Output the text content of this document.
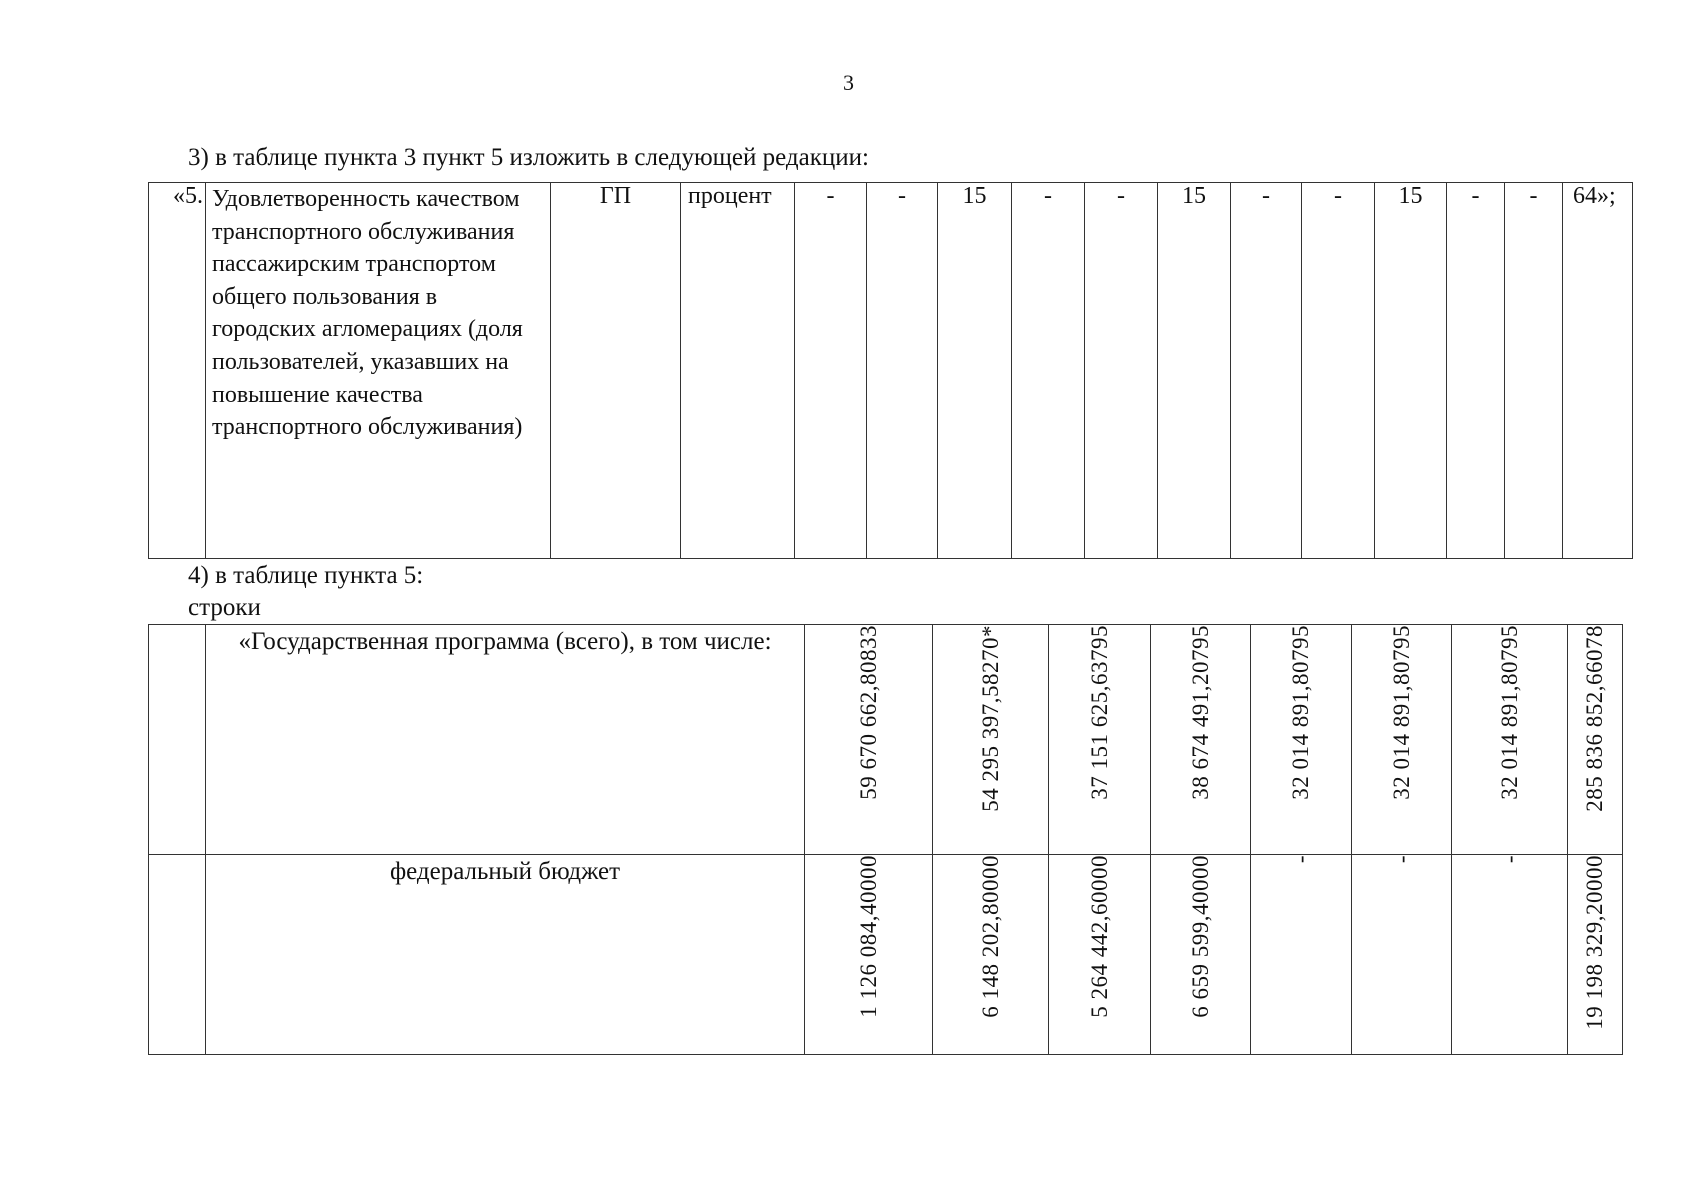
3
3) в таблице пункта 3 пункт 5 изложить в следующей редакции:
«5.	Удовлетворенность качеством транспортного обслуживания пассажирским транспортом общего пользования в городских агломерациях (доля пользователей, указавших на повышение качества транспортного обслуживания)	ГП	процент	-	-	15	-	-	15	-	-	15	-	-	64»;
4) в таблице пункта 5:
строки
	«Государственная программа (всего), в том числе:	59 670 662,80833	54 295 397,58270*	37 151 625,63795	38 674 491,20795	32 014 891,80795	32 014 891,80795	32 014 891,80795	285 836 852,66078

	федеральный бюджет	1 126 084,40000	6 148 202,80000	5 264 442,60000	6 659 599,40000	-	-	-	19 198 329,20000
